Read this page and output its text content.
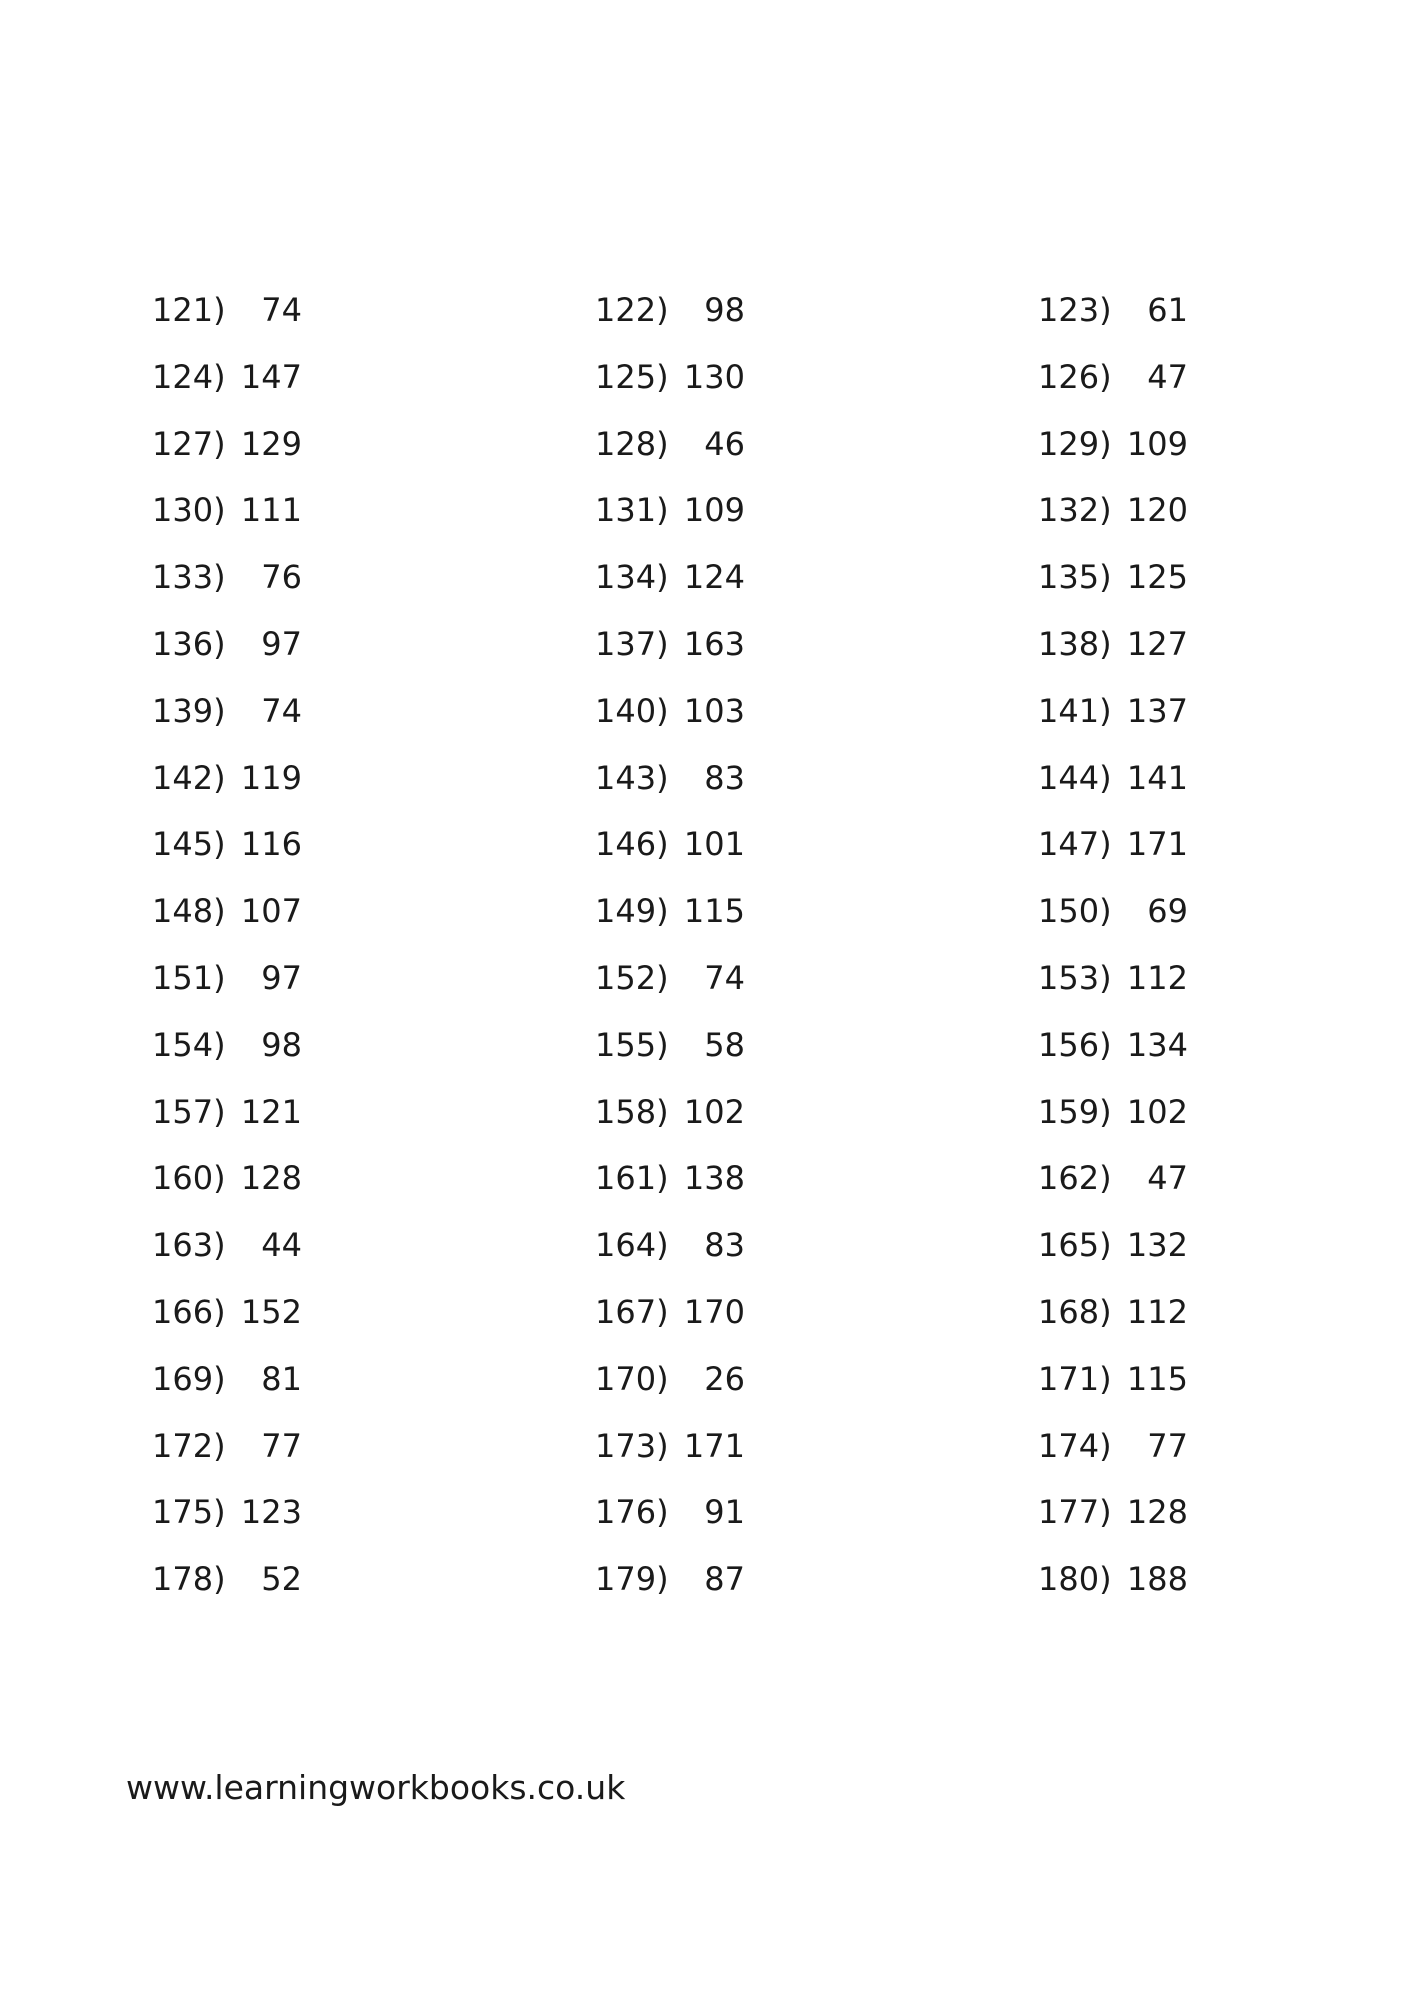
121)	74	122)	98	123)	61
124) 147	125) 130	126)	47
127) 129	128)	46	129) 109
130) 111	131) 109	132) 120
133)	76	134) 124	135) 125
136)	97	137) 163	138) 127
139)	74	140) 103	141) 137
142) 119	143)	83	144) 141
145) 116	146) 101	147) 171
148) 107	149) 115	150)	69
151)	97	152)	74	153) 112
154)	98	155)	58	156) 134
157) 121	158) 102	159) 102
160) 128	161) 138	162)	47
163)	44	164)	83	165) 132
166) 152	167) 170	168) 112
169)	81	170)	26	171) 115
172)	77	173) 171	174)	77
175) 123	176)	91	177) 128
178)	52	179)	87	180) 188
www.learningworkbooks.co.uk
